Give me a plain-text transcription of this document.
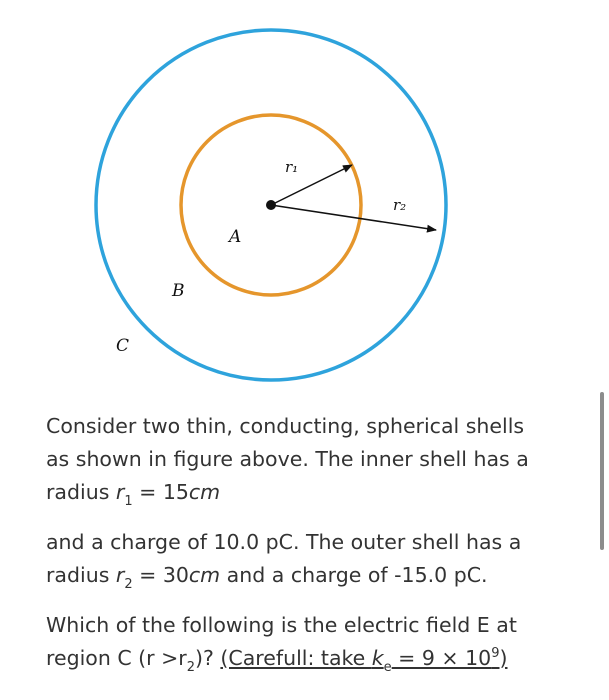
r₁
r₂
A
B
C

Consider two thin, conducting, spherical shells
as shown in figure above. The inner shell has a
radius $r_1 = 15cm$

and a charge of 10.0 pC. The outer shell has a
radius $r_2 = 30cm$ and a charge of -15.0 pC.

Which of the following is the electric field E at
region C $(r >r_2)$? (Carefull: take $k_e = 9 \times 10^9$)
